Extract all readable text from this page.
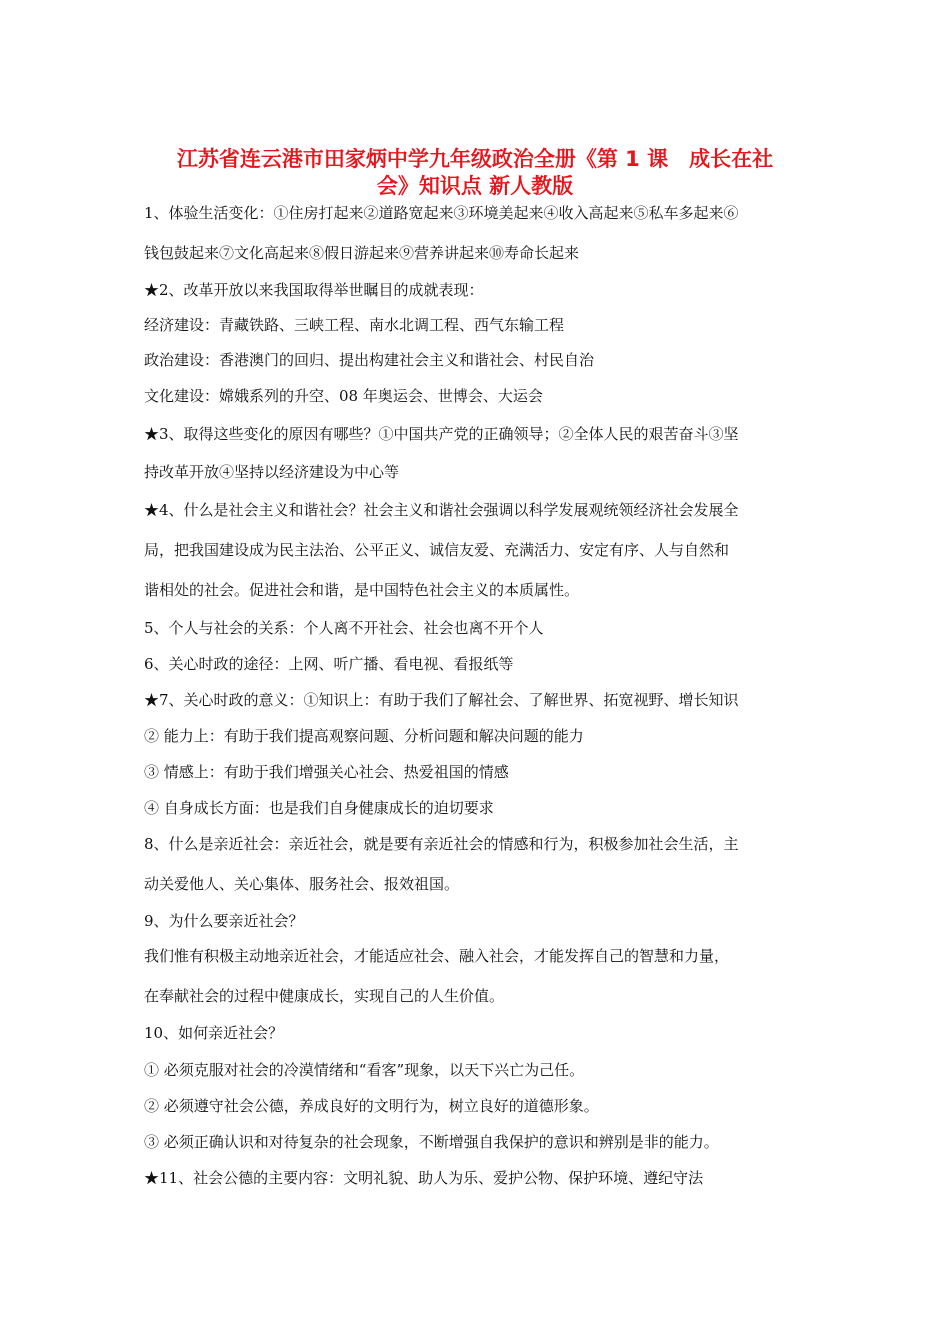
江苏省连云港市田家炳中学九年级政治全册《第 1 课　成长在社
会》知识点 新人教版

1、体验生活变化：①住房打起来②道路宽起来③环境美起来④收入高起来⑤私车多起来⑥

钱包鼓起来⑦文化高起来⑧假日游起来⑨营养讲起来⑩寿命长起来

★2、改革开放以来我国取得举世瞩目的成就表现：

经济建设：青藏铁路、三峡工程、南水北调工程、西气东输工程

政治建设：香港澳门的回归、提出构建社会主义和谐社会、村民自治

文化建设：嫦娥系列的升空、08 年奥运会、世博会、大运会

★3、取得这些变化的原因有哪些？①中国共产党的正确领导；②全体人民的艰苦奋斗③坚

持改革开放④坚持以经济建设为中心等

★4、什么是社会主义和谐社会？社会主义和谐社会强调以科学发展观统领经济社会发展全

局，把我国建设成为民主法治、公平正义、诚信友爱、充满活力、安定有序、人与自然和

谐相处的社会。促进社会和谐，是中国特色社会主义的本质属性。

5、个人与社会的关系：个人离不开社会、社会也离不开个人

6、关心时政的途径：上网、听广播、看电视、看报纸等

★7、关心时政的意义：①知识上：有助于我们了解社会、了解世界、拓宽视野、增长知识

② 能力上：有助于我们提高观察问题、分析问题和解决问题的能力

③ 情感上：有助于我们增强关心社会、热爱祖国的情感

④ 自身成长方面：也是我们自身健康成长的迫切要求

8、什么是亲近社会：亲近社会，就是要有亲近社会的情感和行为，积极参加社会生活，主

动关爱他人、关心集体、服务社会、报效祖国。

9、为什么要亲近社会？

我们惟有积极主动地亲近社会，才能适应社会、融入社会，才能发挥自己的智慧和力量，

在奉献社会的过程中健康成长，实现自己的人生价值。

10、如何亲近社会？

① 必须克服对社会的冷漠情绪和“看客”现象，以天下兴亡为己任。

② 必须遵守社会公德，养成良好的文明行为，树立良好的道德形象。

③ 必须正确认识和对待复杂的社会现象，不断增强自我保护的意识和辨别是非的能力。

★11、社会公德的主要内容：文明礼貌、助人为乐、爱护公物、保护环境、遵纪守法
